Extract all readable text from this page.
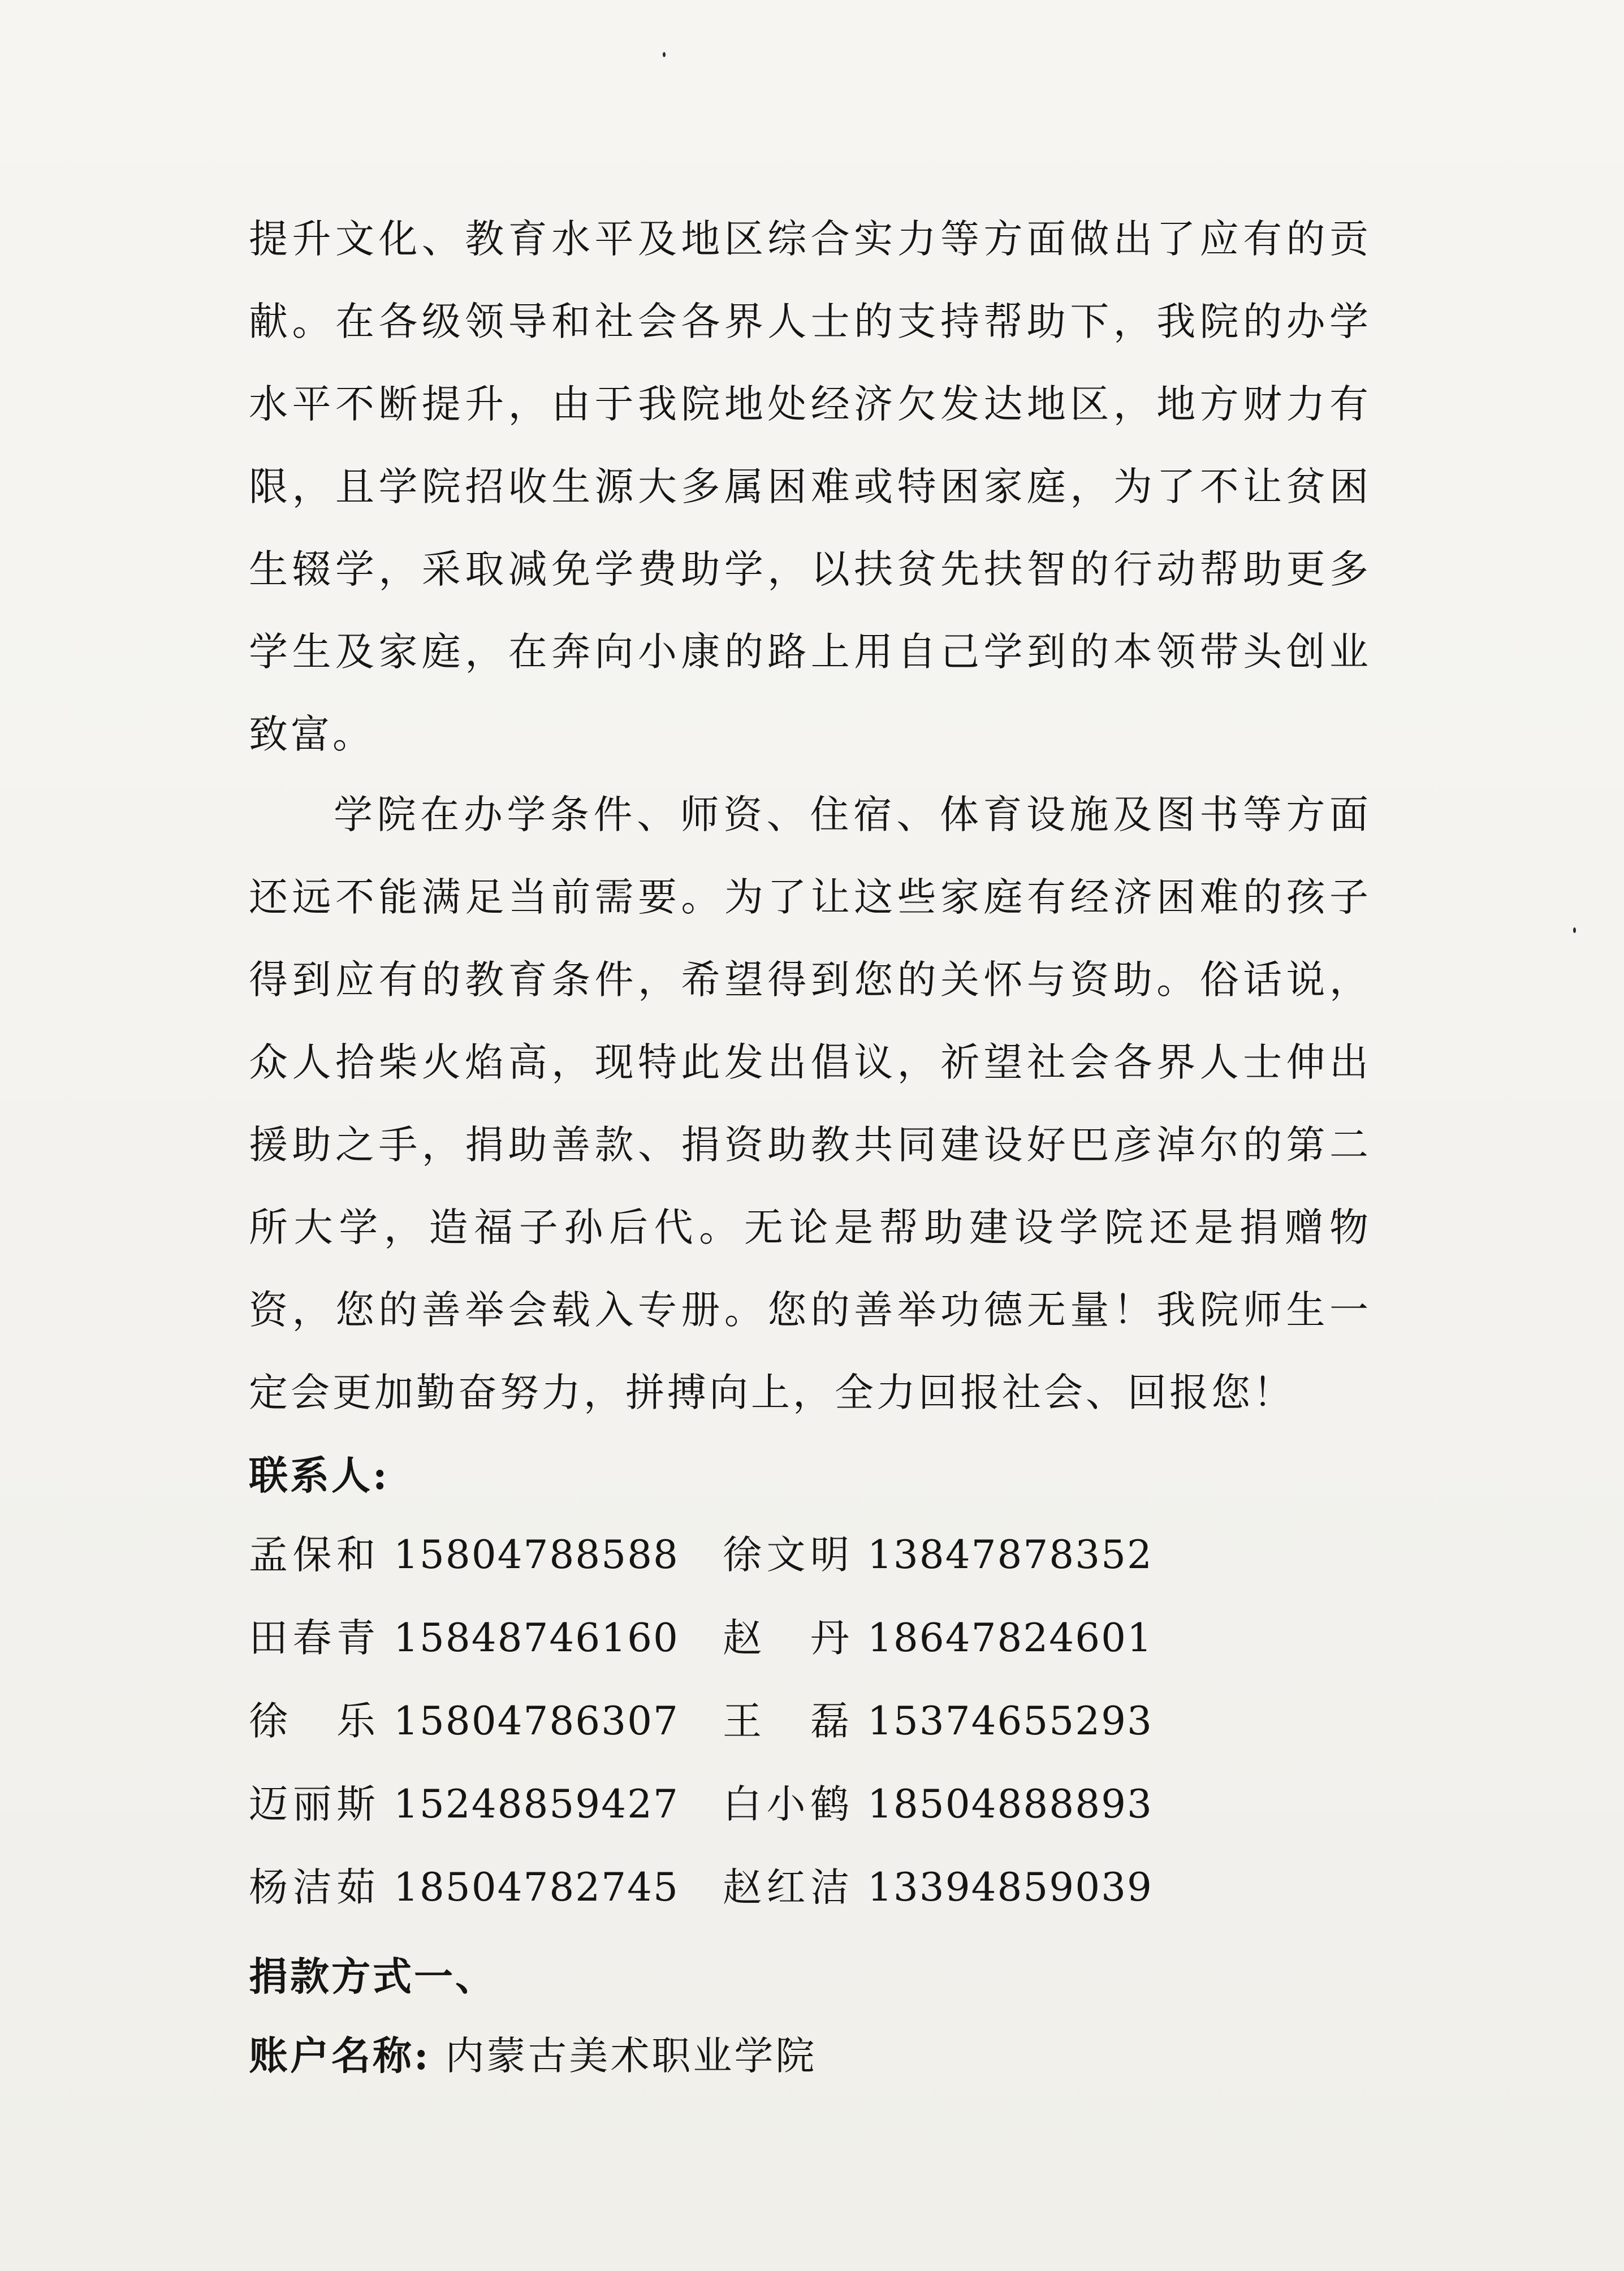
提升文化、教育水平及地区综合实力等方面做出了应有的贡献。在各级领导和社会各界人士的支持帮助下，我院的办学水平不断提升，由于我院地处经济欠发达地区，地方财力有限，且学院招收生源大多属困难或特困家庭，为了不让贫困生辍学，采取减免学费助学，以扶贫先扶智的行动帮助更多学生及家庭，在奔向小康的路上用自己学到的本领带头创业致富。

学院在办学条件、师资、住宿、体育设施及图书等方面还远不能满足当前需要。为了让这些家庭有经济困难的孩子得到应有的教育条件，希望得到您的关怀与资助。俗话说，众人拾柴火焰高，现特此发出倡议，祈望社会各界人士伸出援助之手，捐助善款、捐资助教共同建设好巴彦淖尔的第二所大学，造福子孙后代。无论是帮助建设学院还是捐赠物资，您的善举会载入专册。您的善举功德无量！我院师生一定会更加勤奋努力，拼搏向上，全力回报社会、回报您！

联系人:
孟保和 15804788588 徐文明 13847878352
田春青 15848746160 赵丹 18647824601
徐乐 15804786307 王磊 15374655293
迈丽斯 15248859427 白小鹤 18504888893
杨洁茹 18504782745 赵红洁 13394859039
捐款方式一、
账户名称: 内蒙古美术职业学院
